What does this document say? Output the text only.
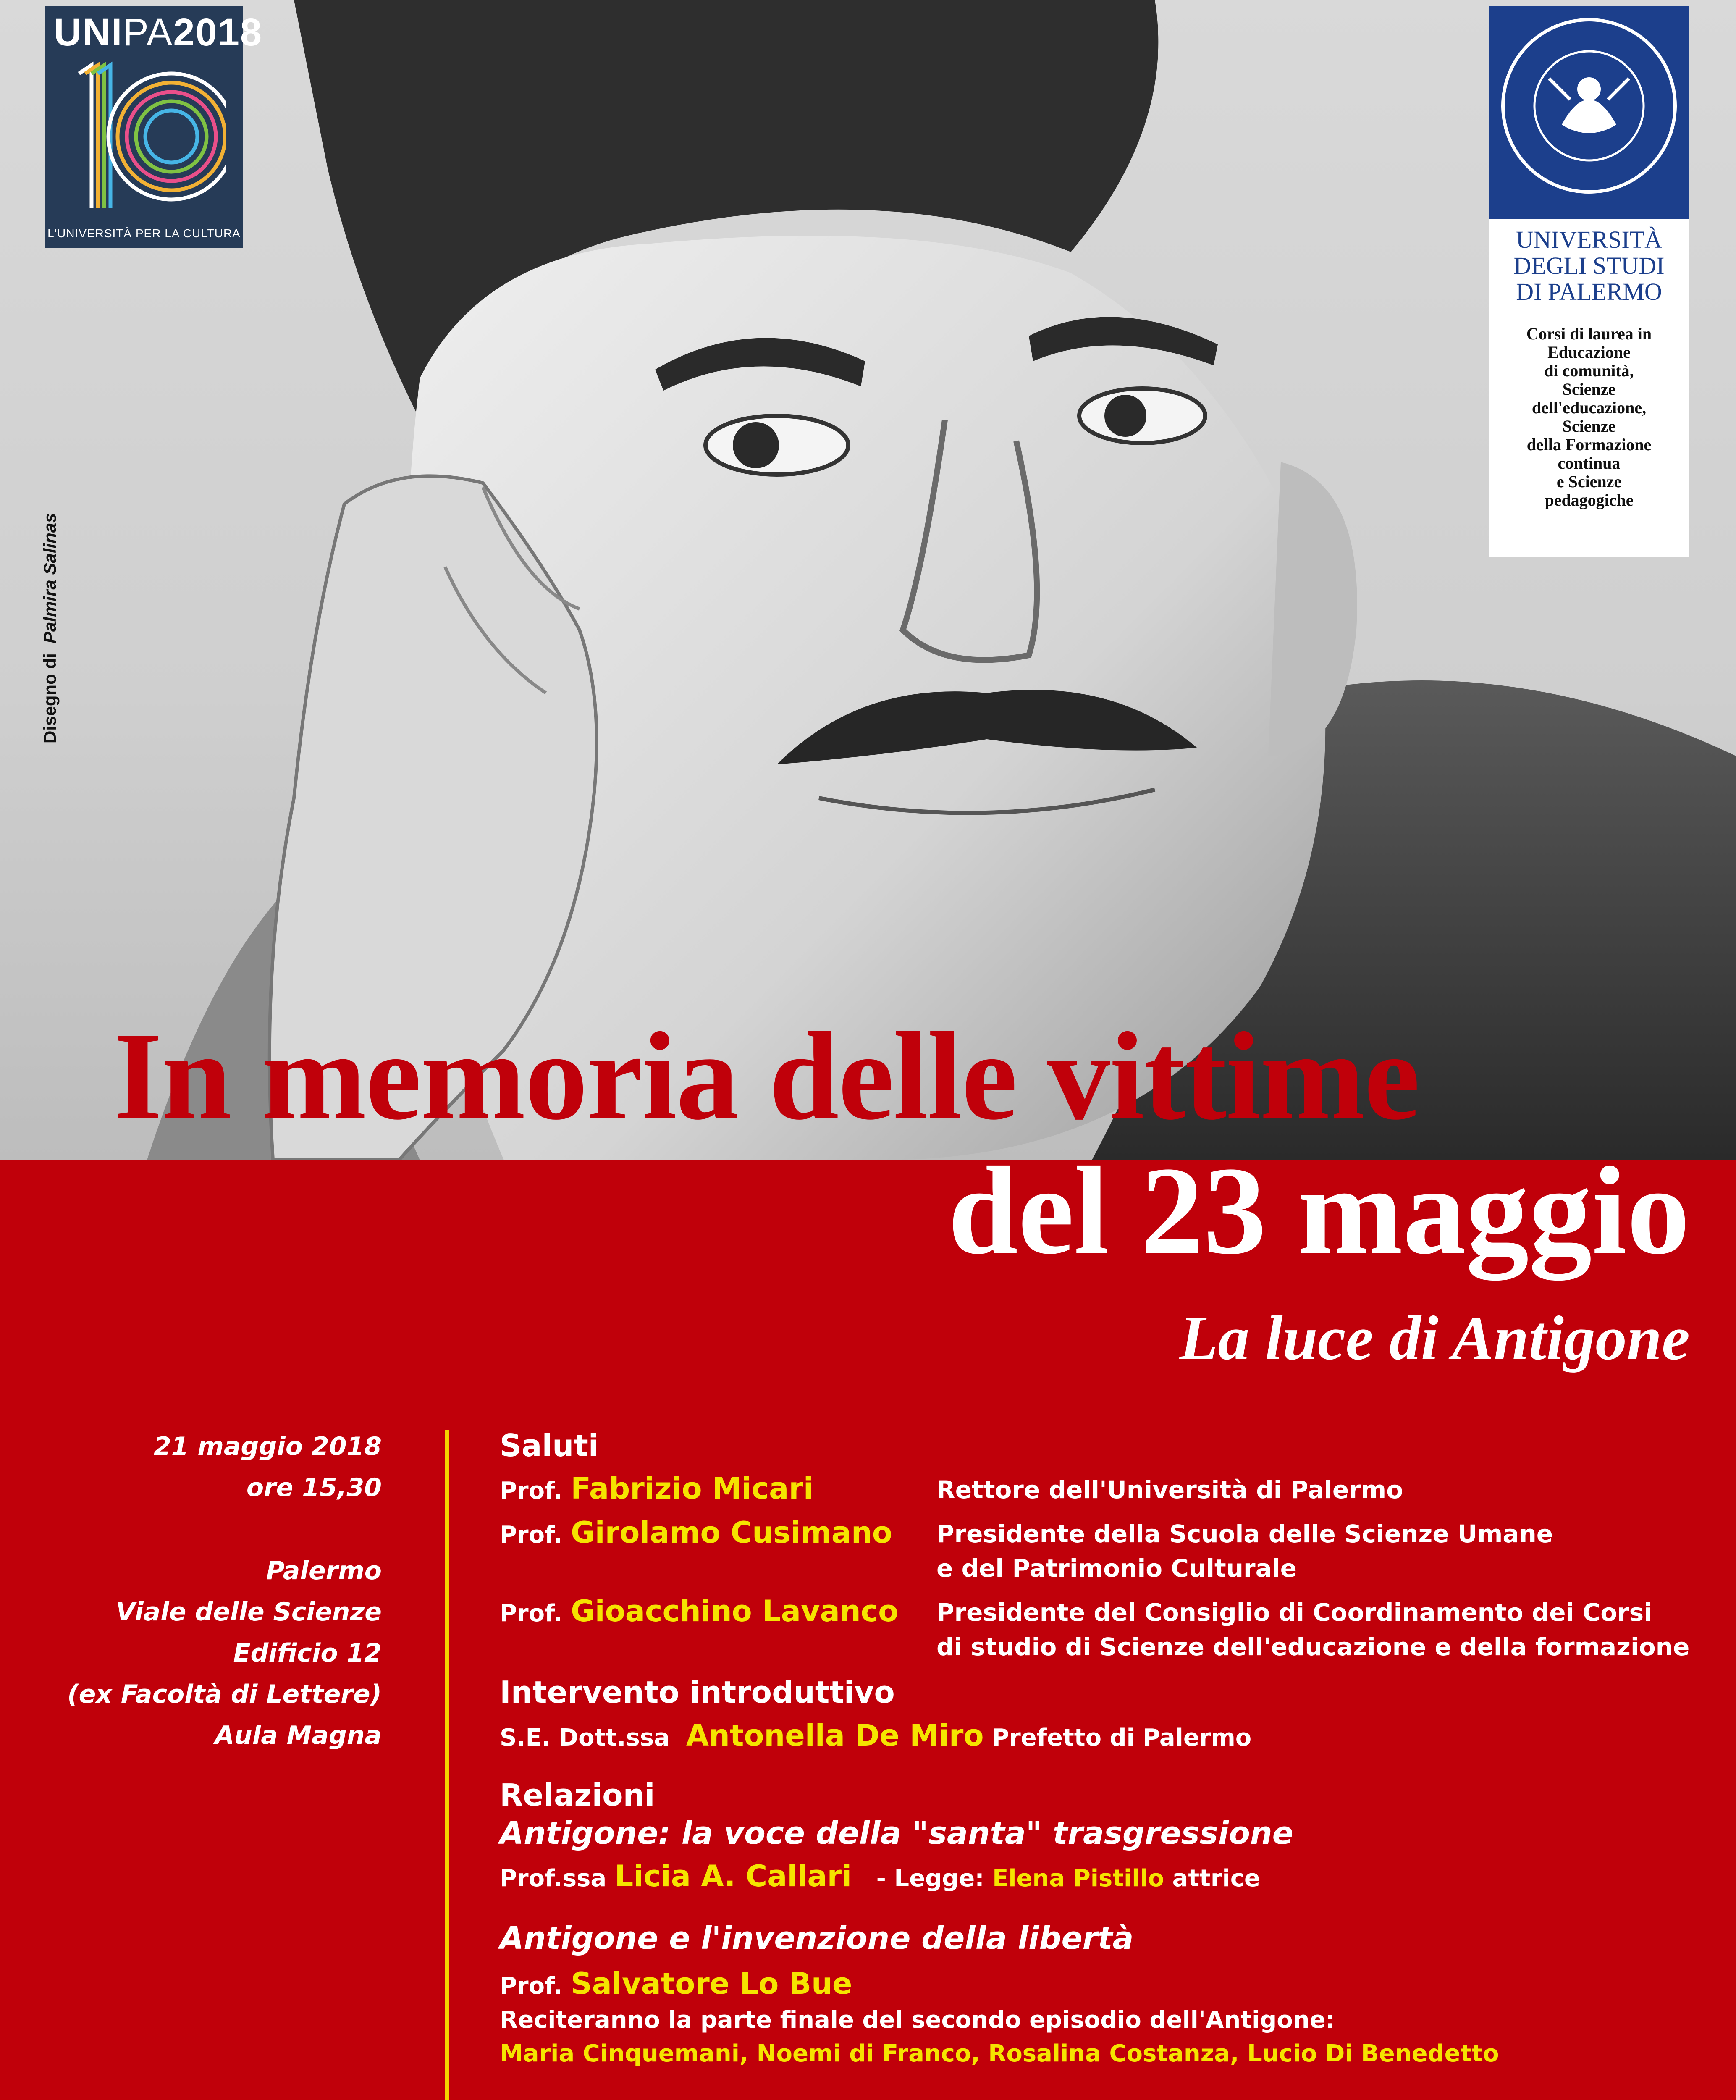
UNIPA2018
L'UNIVERSITÀ PER LA CULTURA	UNIVERSITÀ
DEGLI STUDI
DI PALERMO
Corsi di laurea in
Educazione
di comunità,
Scienze
dell'educazione,
Scienze
della Formazione
continua
e Scienze
pedagogiche
Disegno di  Palmira Salinas
In memoria delle vittime
del 23 maggio
La luce di Antigone
21 maggio 2018
ore 15,30
Palermo
Viale delle Scienze
Edificio 12
(ex Facoltà di Lettere)
Aula Magna
Saluti
Prof. Fabrizio Micari	Rettore dell'Università di Palermo
Prof. Girolamo Cusimano Presidente della Scuola delle Scienze Umane
e del Patrimonio Culturale
Prof. Gioacchino Lavanco Presidente del Consiglio di Coordinamento dei Corsi
di studio di Scienze dell'educazione e della formazione
Intervento introduttivo
S.E. Dott.ssa Antonella De Miro Prefetto di Palermo
Relazioni
Antigone: la voce della "santa" trasgressione
Prof.ssa Licia A. Callari - Legge: Elena Pistillo attrice
Antigone e l'invenzione della libertà
Prof. Salvatore Lo Bue
Reciteranno la parte finale del secondo episodio dell'Antigone:
Maria Cinquemani, Noemi di Franco, Rosalina Costanza, Lucio Di Benedetto
